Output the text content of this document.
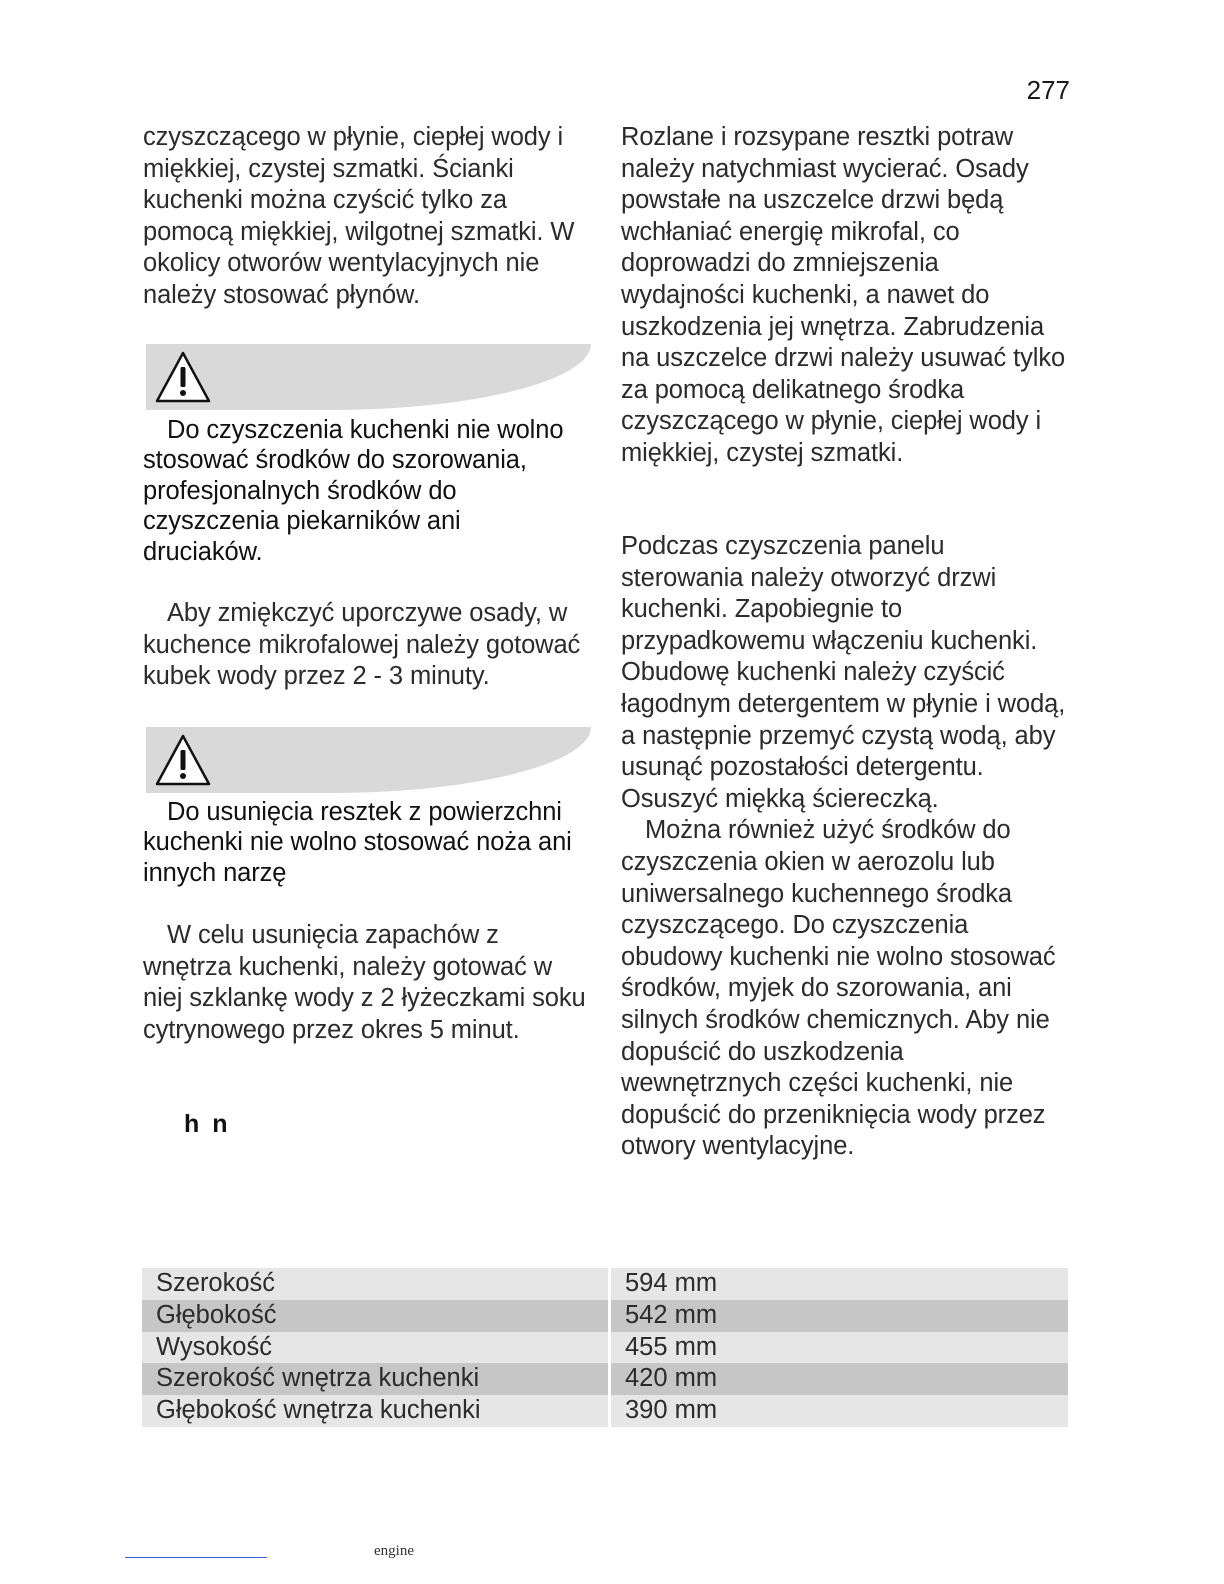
277

czyszczącego w płynie, ciepłej wody i

miękkiej, czystej szmatki. Ścianki

kuchenki można czyścić tylko za

pomocą miękkiej, wilgotnej szmatki. W

okolicy otworów wentylacyjnych nie

należy stosować płynów.

Do czyszczenia kuchenki nie wolno

stosować środków do szorowania,

profesjonalnych środków do

czyszczenia piekarników ani

druciaków.

Aby zmiękczyć uporczywe osady, w

kuchence mikrofalowej należy gotować

kubek wody przez 2 - 3 minuty.

Do usunięcia resztek z powierzchni

kuchenki nie wolno stosować noża ani

innych narzę

W celu usunięcia zapachów z

wnętrza kuchenki, należy gotować w

niej szklankę wody z 2 łyżeczkami soku

cytrynowego przez okres 5 minut.

h n

Rozlane i rozsypane resztki potraw

należy natychmiast wycierać. Osady

powstałe na uszczelce drzwi będą

wchłaniać energię mikrofal, co

doprowadzi do zmniejszenia

wydajności kuchenki, a nawet do

uszkodzenia jej wnętrza. Zabrudzenia

na uszczelce drzwi należy usuwać tylko

za pomocą delikatnego środka

czyszczącego w płynie, ciepłej wody i

miękkiej, czystej szmatki.

Podczas czyszczenia panelu

sterowania należy otworzyć drzwi

kuchenki. Zapobiegnie to

przypadkowemu włączeniu kuchenki.

Obudowę kuchenki należy czyścić

łagodnym detergentem w płynie i wodą,

a następnie przemyć czystą wodą, aby

usunąć pozostałości detergentu.

Osuszyć miękką ściereczką.

Można również użyć środków do

czyszczenia okien w aerozolu lub

uniwersalnego kuchennego środka

czyszczącego. Do czyszczenia

obudowy kuchenki nie wolno stosować

środków, myjek do szorowania, ani

silnych środków chemicznych. Aby nie

dopuścić do uszkodzenia

wewnętrznych części kuchenki, nie

dopuścić do przeniknięcia wody przez

otwory wentylacyjne.

Szerokość		594 mm
Głębokość		542 mm
Wysokość		455 mm
Szerokość wnętrza kuchenki		420 mm
Głębokość wnętrza kuchenki		390 mm
engine
